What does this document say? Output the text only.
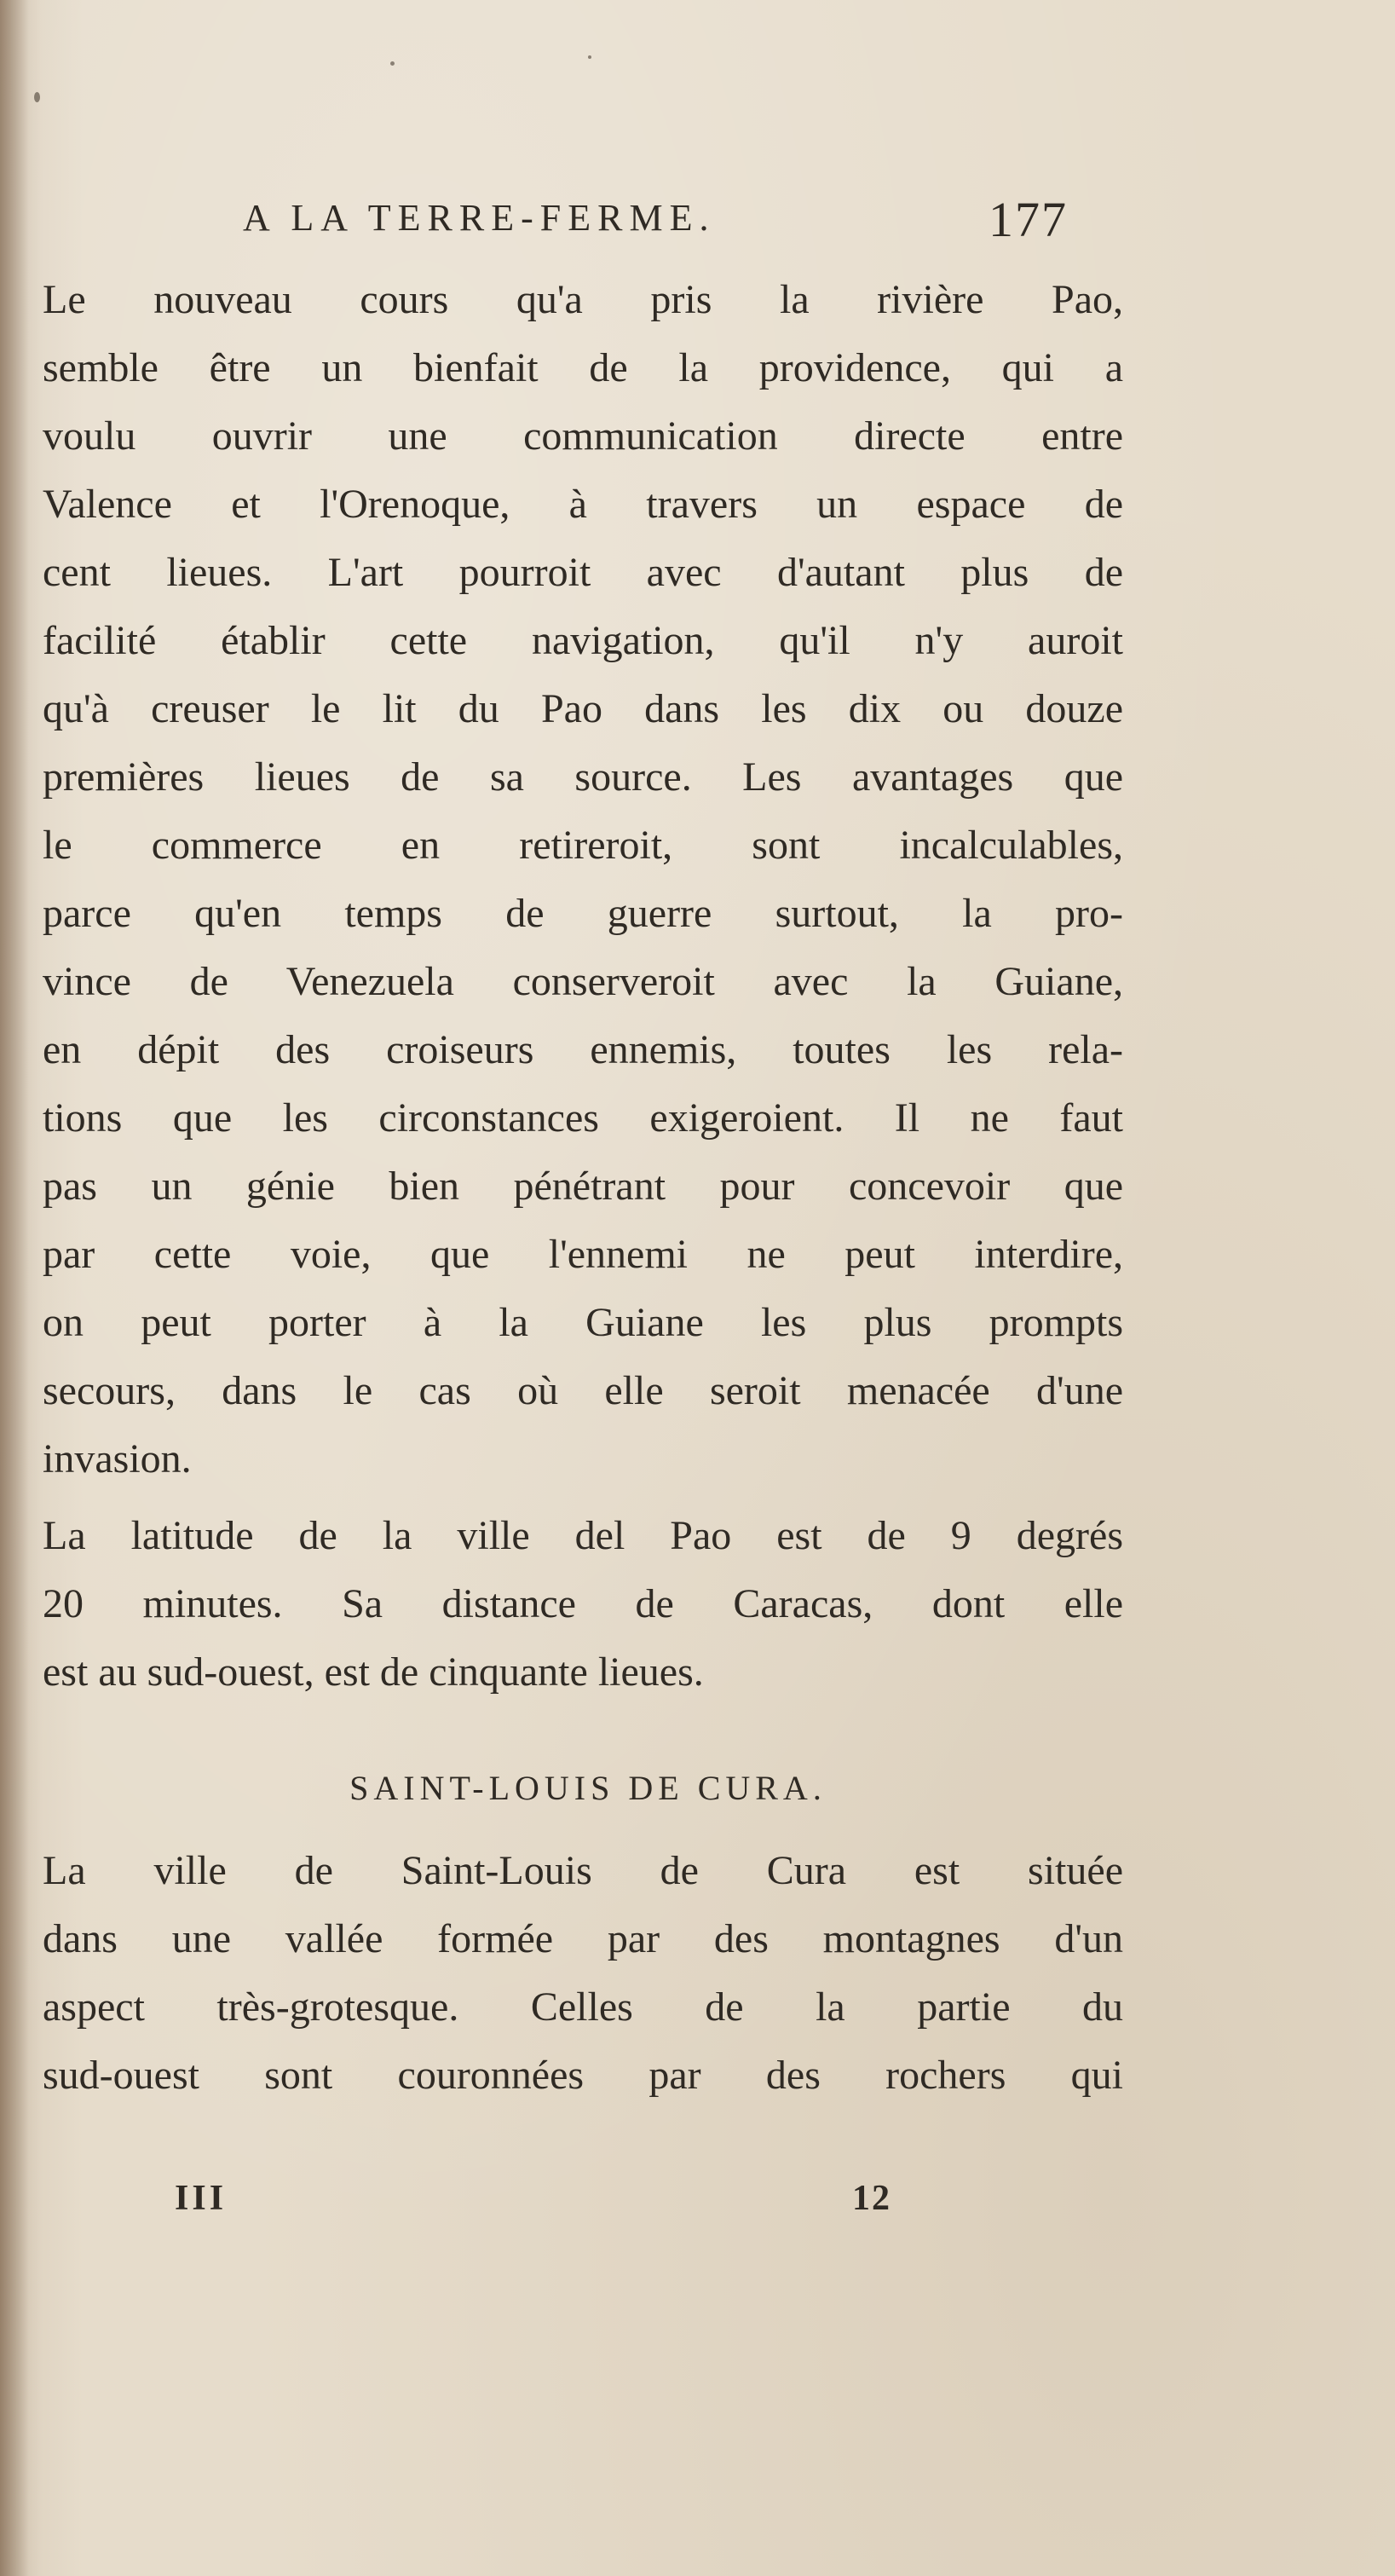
A LA TERRE-FERME.	177
Le nouveau cours qu'a pris la rivière Pao,
semble être un bienfait de la providence, qui a
voulu ouvrir une communication directe entre
Valence et l'Orenoque, à travers un espace de
cent lieues. L'art pourroit avec d'autant plus de
facilité établir cette navigation, qu'il n'y auroit
qu'à creuser le lit du Pao dans les dix ou douze
premières lieues de sa source. Les avantages que
le commerce en retireroit, sont incalculables,
parce qu'en temps de guerre surtout, la pro-
vince de Venezuela conserveroit avec la Guiane,
en dépit des croiseurs ennemis, toutes les rela-
tions que les circonstances exigeroient. Il ne faut
pas un génie bien pénétrant pour concevoir que
par cette voie, que l'ennemi ne peut interdire,
on peut porter à la Guiane les plus prompts
secours, dans le cas où elle seroit menacée d'une
invasion.
La latitude de la ville del Pao est de 9 degrés
20 minutes. Sa distance de Caracas, dont elle
est au sud-ouest, est de cinquante lieues.
SAINT-LOUIS DE CURA.
La ville de Saint-Louis de Cura est située
dans une vallée formée par des montagnes d'un
aspect très-grotesque. Celles de la partie du
sud-ouest sont couronnées par des rochers qui
III	12
